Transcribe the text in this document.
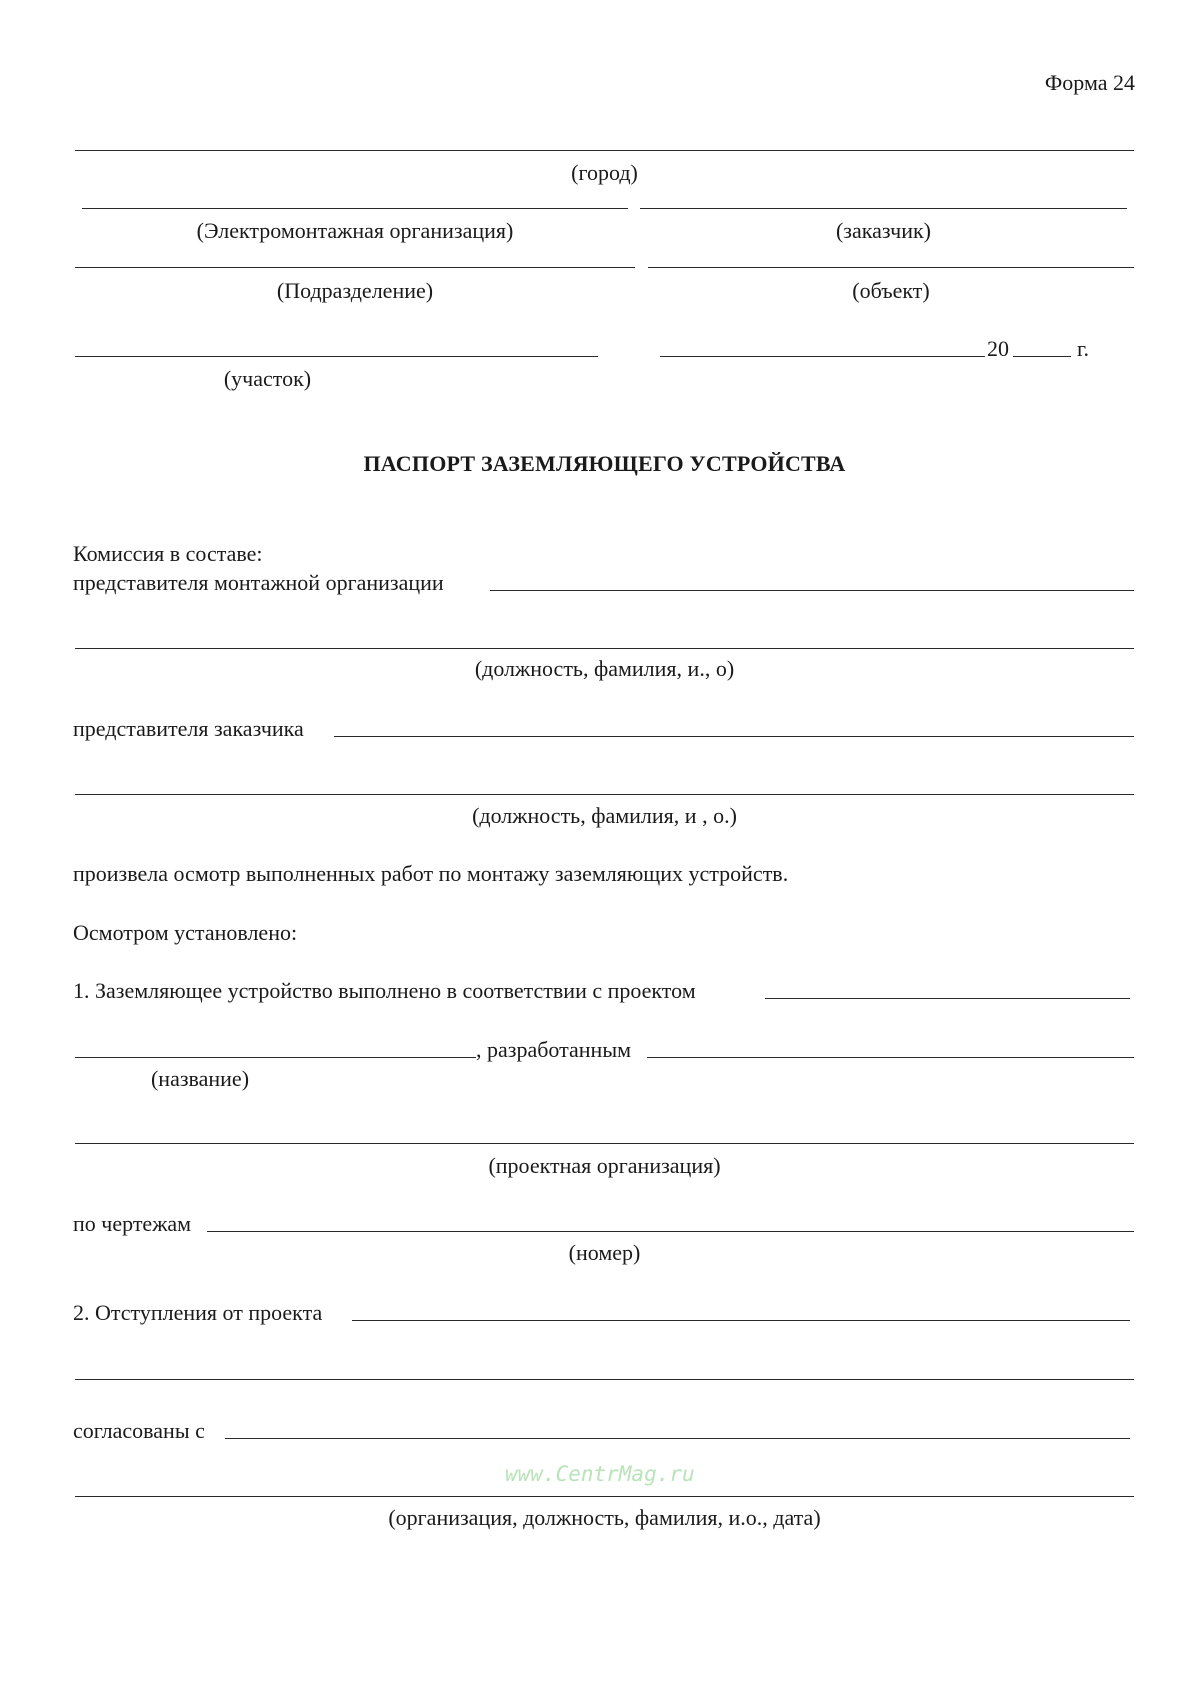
Форма 24
(город)
(Электромонтажная организация)	(заказчик)
(Подразделение)	(объект)
20	г.
(участок)
ПАСПОРТ ЗАЗЕМЛЯЮЩЕГО УСТРОЙСТВА
Комиссия в составе:
представителя монтажной организации
(должность, фамилия, и., о)
представителя заказчика
(должность, фамилия, и , о.)
произвела осмотр выполненных работ по монтажу заземляющих устройств.
Осмотром установлено:
1. Заземляющее устройство выполнено в соответствии с проектом
, разработанным
(название)
(проектная организация)
по чертежам
(номер)
2. Отступления от проекта
согласованы с
www.CentrMag.ru
(организация, должность, фамилия, и.о., дата)
